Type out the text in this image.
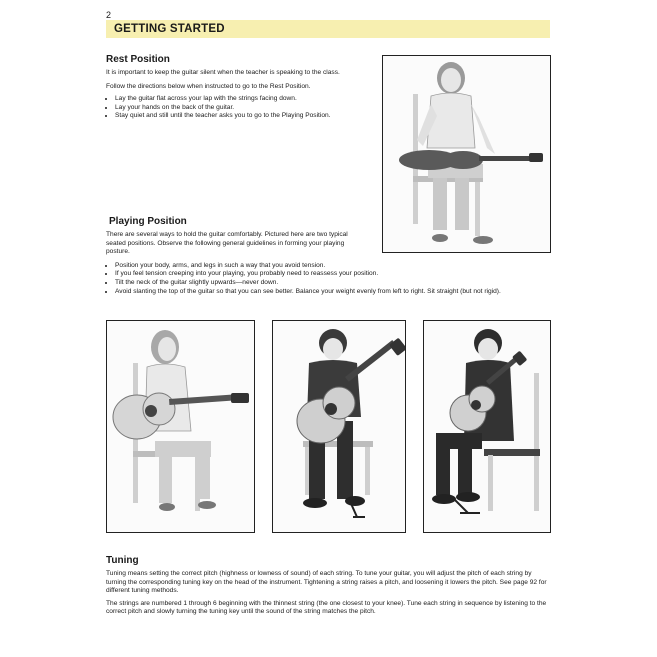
2
GETTING STARTED
Rest Position

It is important to keep the guitar silent when the teacher is speaking to the class.

Follow the directions below when instructed to go to the Rest Position.

• Lay the guitar flat across your lap with the strings facing down.
• Lay your hands on the back of the guitar.
• Stay quiet and still until the teacher asks you to go to the Playing Position.
Playing Position

There are several ways to hold the guitar comfortably. Pictured here are two typical seated positions. Observe the following general guidelines in forming your playing posture.

• Position your body, arms, and legs in such a way that you avoid tension.
• If you feel tension creeping into your playing, you probably need to reassess your position.
• Tilt the neck of the guitar slightly upwards—never down.
• Avoid slanting the top of the guitar so that you can see better. Balance your weight evenly from left to right. Sit straight (but not rigid).
Tuning

Tuning means setting the correct pitch (highness or lowness of sound) of each string. To tune your guitar, you will adjust the pitch of each string by turning the corresponding tuning key on the head of the instrument. Tightening a string raises a pitch, and loosening it lowers the pitch. See page 92 for different tuning methods.

The strings are numbered 1 through 6 beginning with the thinnest string (the one closest to your knee). Tune each string in sequence by listening to the correct pitch and slowly turning the tuning key until the sound of the string matches the pitch.
